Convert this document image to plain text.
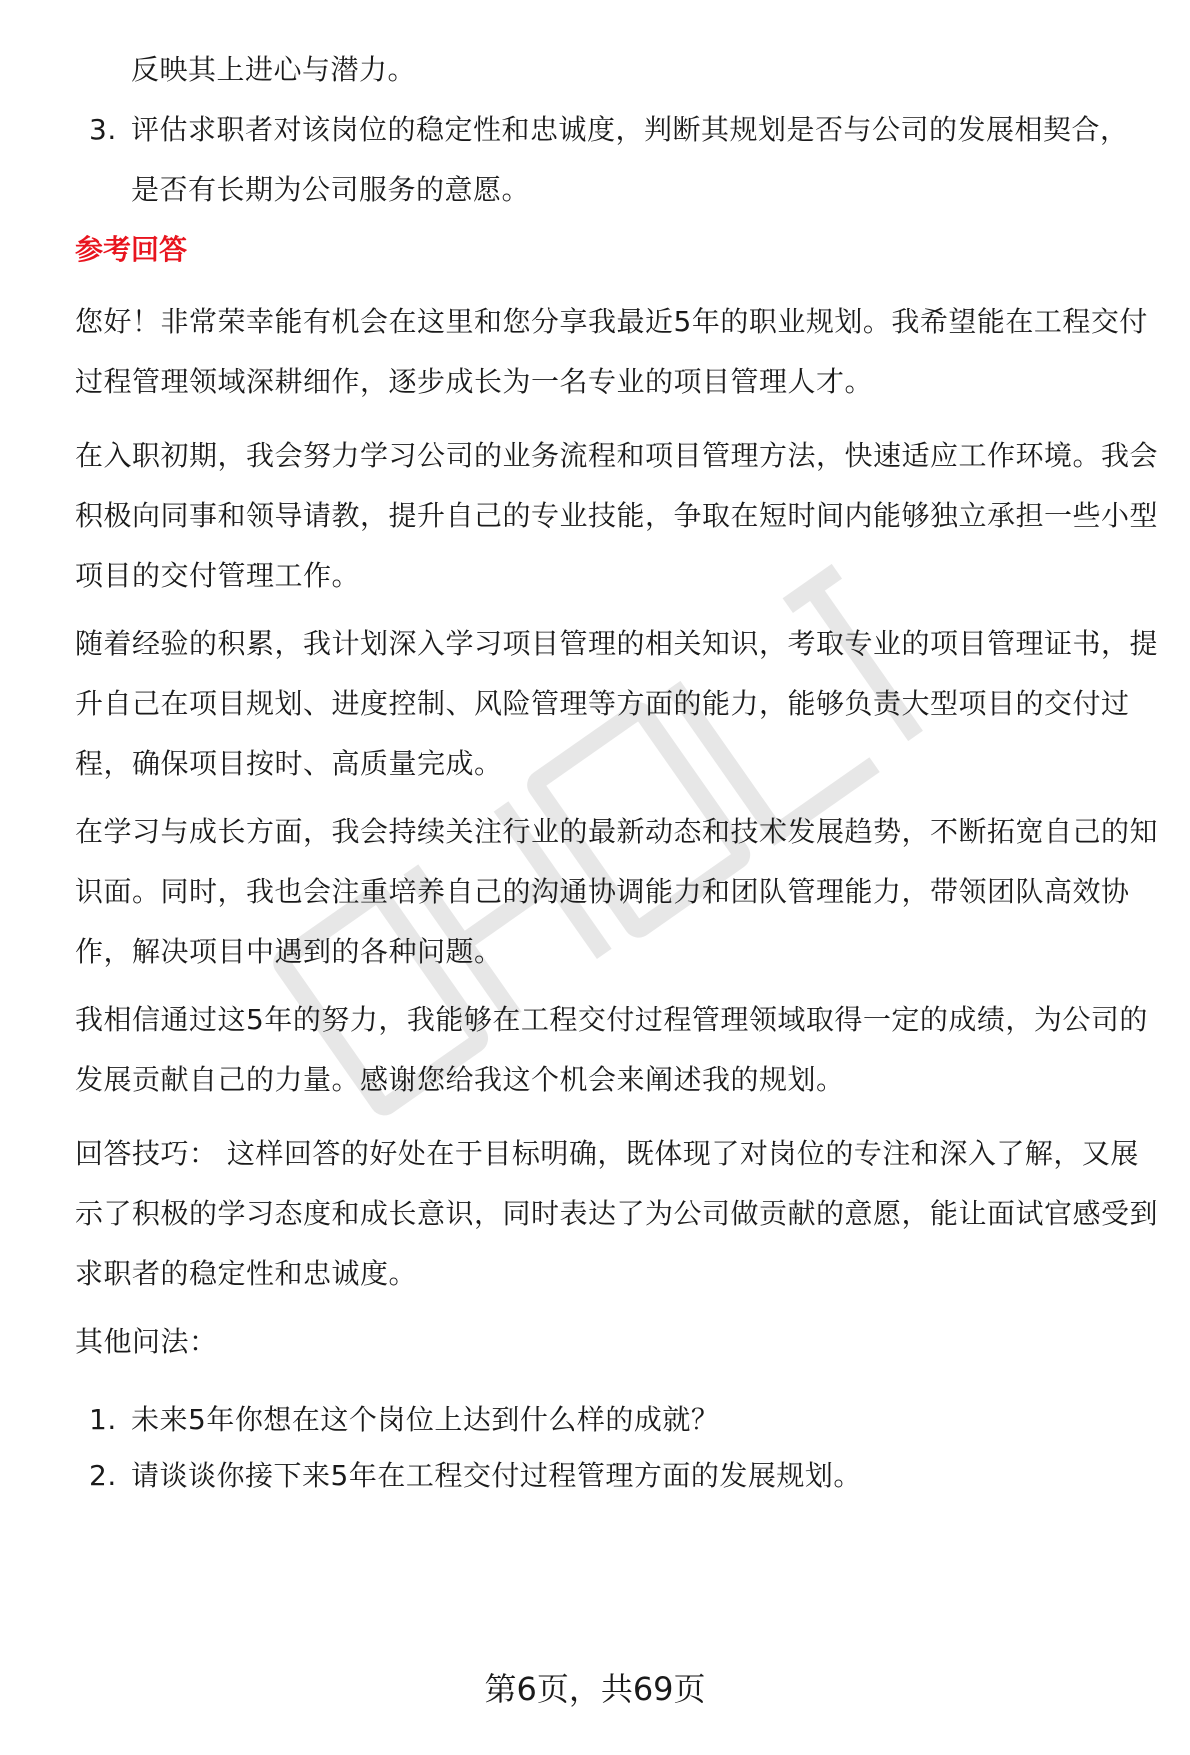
反映其上进心与潜力。
3. 评估求职者对该岗位的稳定性和忠诚度，判断其规划是否与公司的发展相契合，是否有长期为公司服务的意愿。
参考回答
您好！非常荣幸能有机会在这里和您分享我最近5年的职业规划。我希望能在工程交付过程管理领域深耕细作，逐步成长为一名专业的项目管理人才。
在入职初期，我会努力学习公司的业务流程和项目管理方法，快速适应工作环境。我会积极向同事和领导请教，提升自己的专业技能，争取在短时间内能够独立承担一些小型项目的交付管理工作。
随着经验的积累，我计划深入学习项目管理的相关知识，考取专业的项目管理证书，提升自己在项目规划、进度控制、风险管理等方面的能力，能够负责大型项目的交付过程，确保项目按时、高质量完成。
在学习与成长方面，我会持续关注行业的最新动态和技术发展趋势，不断拓宽自己的知识面。同时，我也会注重培养自己的沟通协调能力和团队管理能力，带领团队高效协作，解决项目中遇到的各种问题。
我相信通过这5年的努力，我能够在工程交付过程管理领域取得一定的成绩，为公司的发展贡献自己的力量。感谢您给我这个机会来阐述我的规划。
回答技巧： 这样回答的好处在于目标明确，既体现了对岗位的专注和深入了解，又展示了积极的学习态度和成长意识，同时表达了为公司做贡献的意愿，能让面试官感受到求职者的稳定性和忠诚度。
其他问法：
1. 未来5年你想在这个岗位上达到什么样的成就？
2. 请谈谈你接下来5年在工程交付过程管理方面的发展规划。
第6页，共69页
